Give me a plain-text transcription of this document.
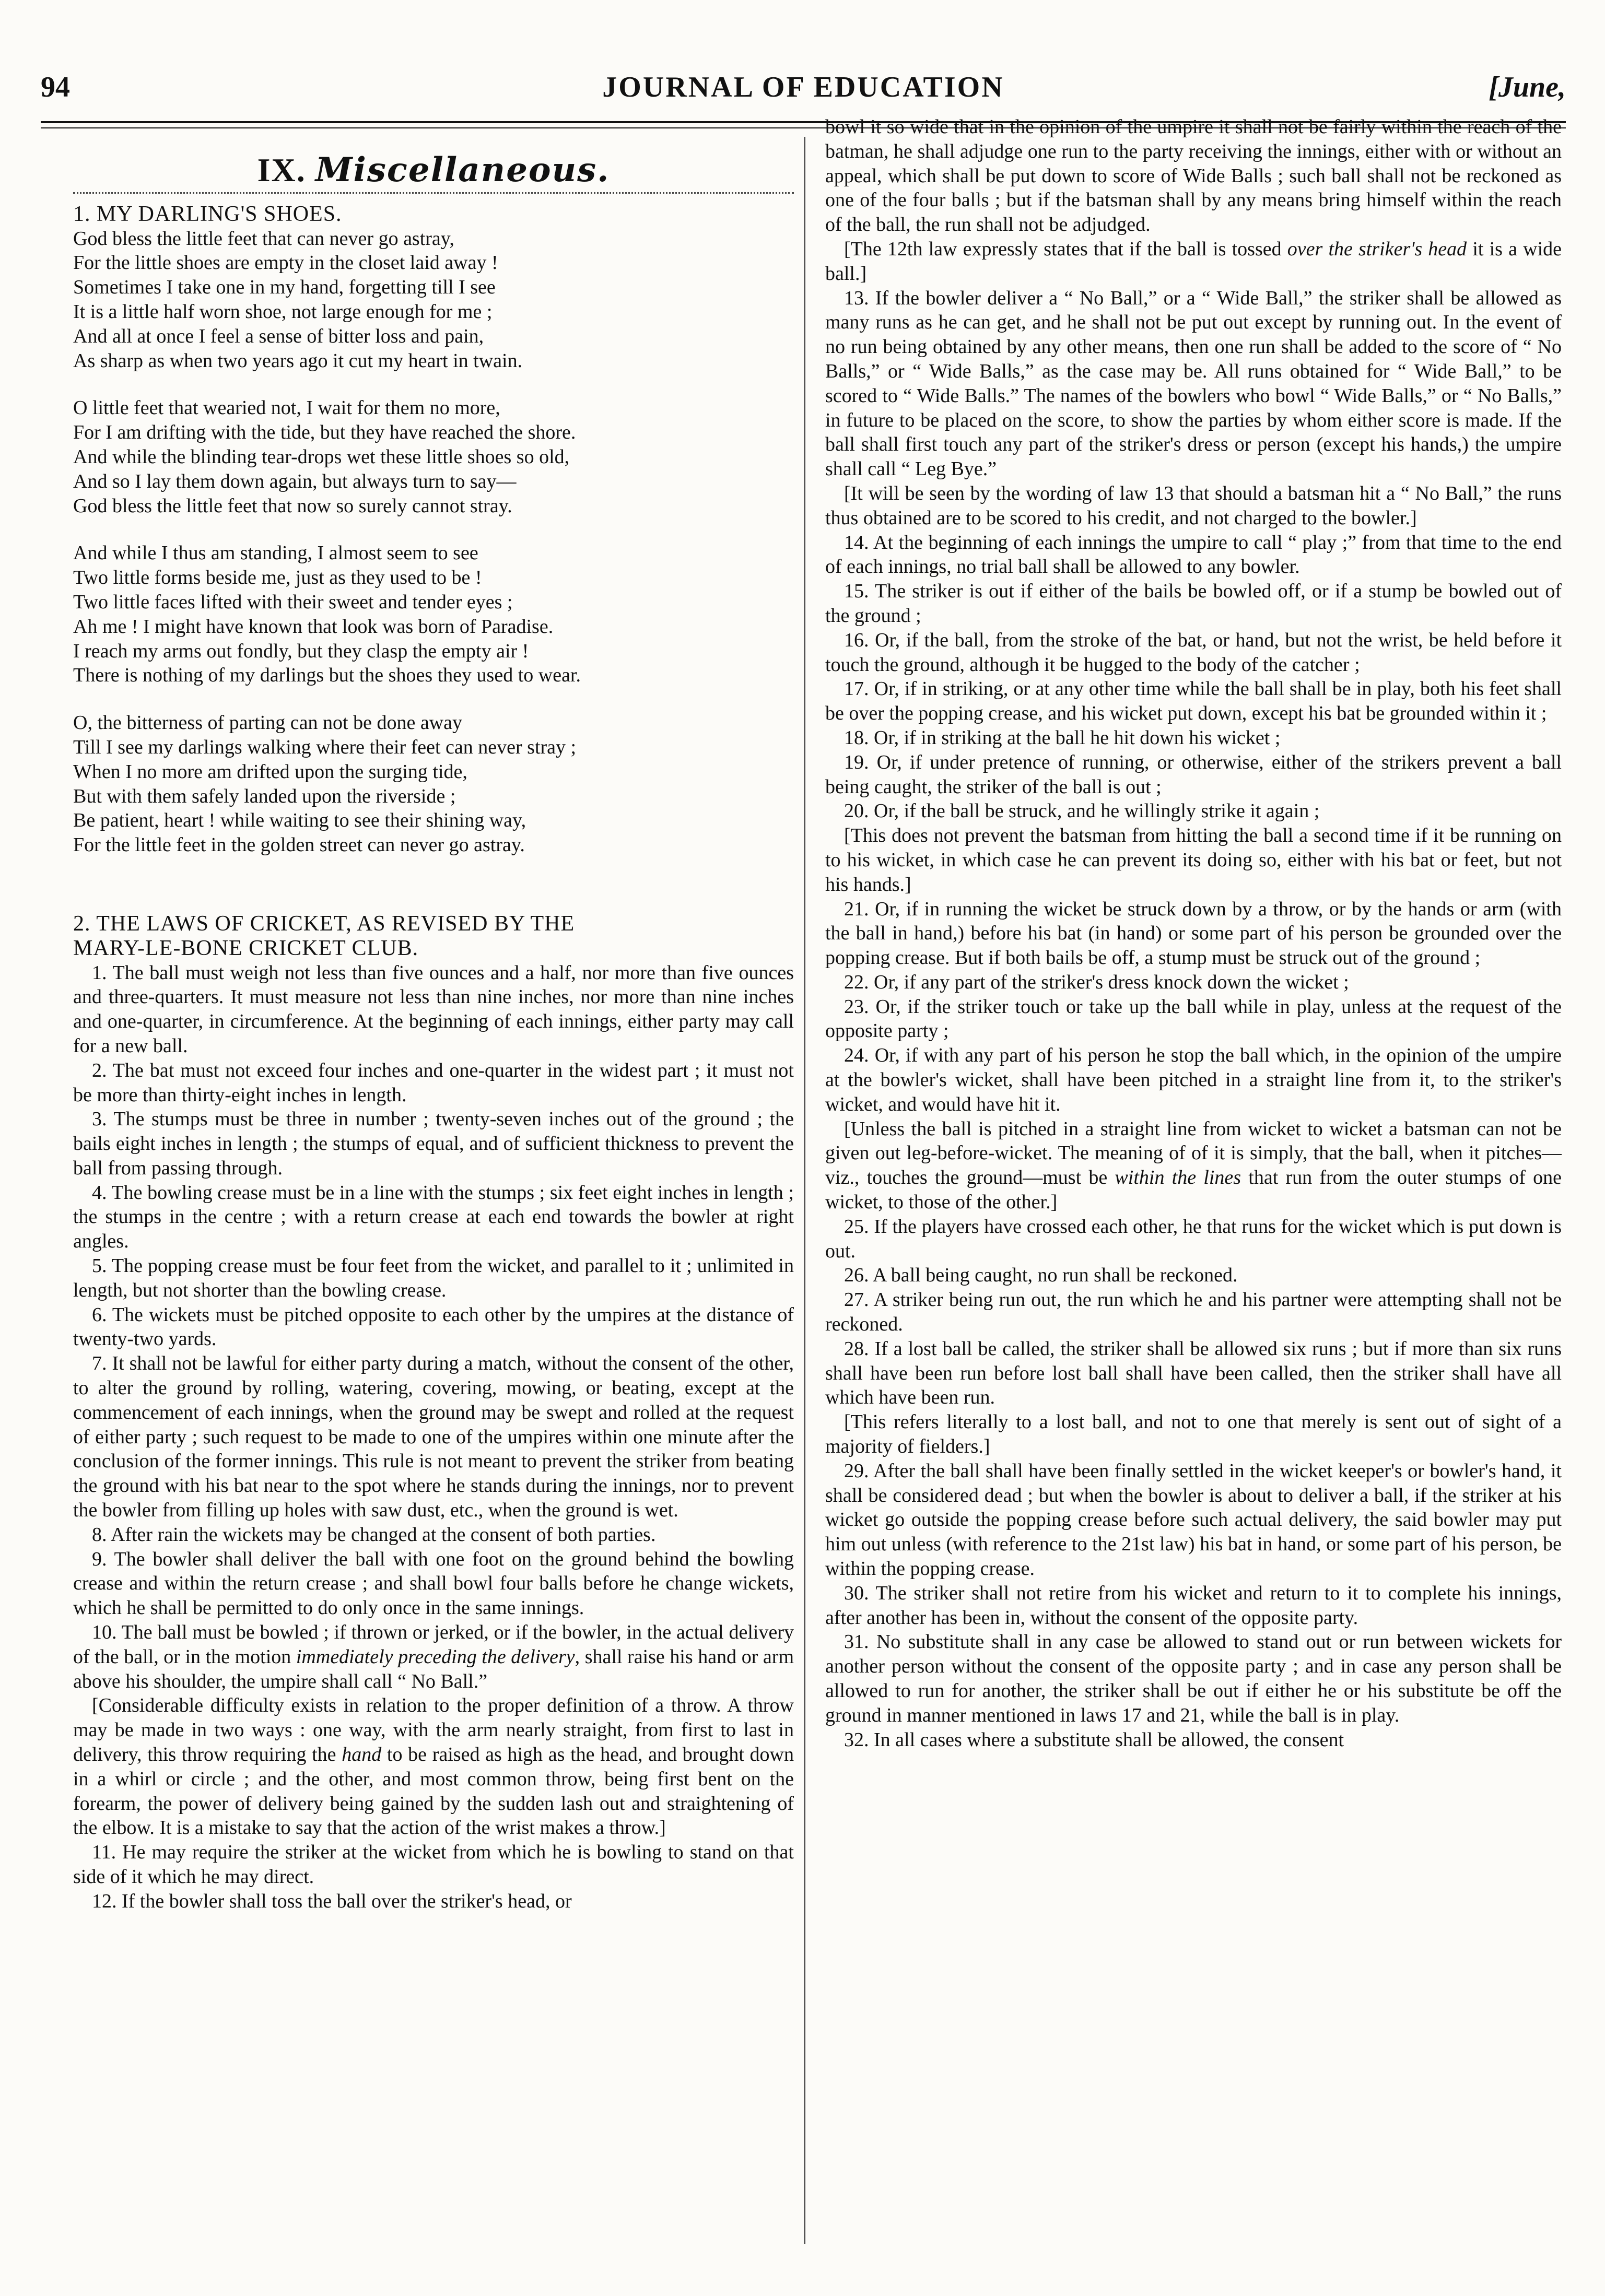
94	JOURNAL OF EDUCATION	[June,
IX. Miscellaneous.

1. MY DARLING'S SHOES.

God bless the little feet that can never go astray,
For the little shoes are empty in the closet laid away !
Sometimes I take one in my hand, forgetting till I see
It is a little half worn shoe, not large enough for me ;
And all at once I feel a sense of bitter loss and pain,
As sharp as when two years ago it cut my heart in twain.
O little feet that wearied not, I wait for them no more,
For I am drifting with the tide, but they have reached the shore.
And while the blinding tear-drops wet these little shoes so old,
And so I lay them down again, but always turn to say—
God bless the little feet that now so surely cannot stray.
And while I thus am standing, I almost seem to see
Two little forms beside me, just as they used to be !
Two little faces lifted with their sweet and tender eyes ;
Ah me ! I might have known that look was born of Paradise.
I reach my arms out fondly, but they clasp the empty air !
There is nothing of my darlings but the shoes they used to wear.
O, the bitterness of parting can not be done away
Till I see my darlings walking where their feet can never stray ;
When I no more am drifted upon the surging tide,
But with them safely landed upon the riverside ;
Be patient, heart ! while waiting to see their shining way,
For the little feet in the golden street can never go astray.

2. THE LAWS OF CRICKET, AS REVISED BY THE

MARY-LE-BONE CRICKET CLUB.

1. The ball must weigh not less than five ounces and a half, nor more than five ounces and three-quarters. It must measure not less than nine inches, nor more than nine inches and one-quarter, in circumference. At the beginning of each innings, either party may call for a new ball.

2. The bat must not exceed four inches and one-quarter in the widest part ; it must not be more than thirty-eight inches in length.

3. The stumps must be three in number ; twenty-seven inches out of the ground ; the bails eight inches in length ; the stumps of equal, and of sufficient thickness to prevent the ball from passing through.

4. The bowling crease must be in a line with the stumps ; six feet eight inches in length ; the stumps in the centre ; with a return crease at each end towards the bowler at right angles.

5. The popping crease must be four feet from the wicket, and parallel to it ; unlimited in length, but not shorter than the bowling crease.

6. The wickets must be pitched opposite to each other by the umpires at the distance of twenty-two yards.

7. It shall not be lawful for either party during a match, without the consent of the other, to alter the ground by rolling, watering, covering, mowing, or beating, except at the commencement of each innings, when the ground may be swept and rolled at the request of either party ; such request to be made to one of the umpires within one minute after the conclusion of the former innings. This rule is not meant to prevent the striker from beating the ground with his bat near to the spot where he stands during the innings, nor to prevent the bowler from filling up holes with saw dust, etc., when the ground is wet.

8. After rain the wickets may be changed at the consent of both parties.

9. The bowler shall deliver the ball with one foot on the ground behind the bowling crease and within the return crease ; and shall bowl four balls before he change wickets, which he shall be permitted to do only once in the same innings.

10. The ball must be bowled ; if thrown or jerked, or if the bowler, in the actual delivery of the ball, or in the motion immediately preceding the delivery, shall raise his hand or arm above his shoulder, the umpire shall call “ No Ball.”

[Considerable difficulty exists in relation to the proper definition of a throw. A throw may be made in two ways : one way, with the arm nearly straight, from first to last in delivery, this throw requiring the hand to be raised as high as the head, and brought down in a whirl or circle ; and the other, and most common throw, being first bent on the forearm, the power of delivery being gained by the sudden lash out and straightening of the elbow. It is a mistake to say that the action of the wrist makes a throw.]

11. He may require the striker at the wicket from which he is bowling to stand on that side of it which he may direct.

12. If the bowler shall toss the ball over the striker's head, or

bowl it so wide that in the opinion of the umpire it shall not be fairly within the reach of the batman, he shall adjudge one run to the party receiving the innings, either with or without an appeal, which shall be put down to score of Wide Balls ; such ball shall not be reckoned as one of the four balls ; but if the batsman shall by any means bring himself within the reach of the ball, the run shall not be adjudged.

[The 12th law expressly states that if the ball is tossed over the striker's head it is a wide ball.]

13. If the bowler deliver a “ No Ball,” or a “ Wide Ball,” the striker shall be allowed as many runs as he can get, and he shall not be put out except by running out. In the event of no run being obtained by any other means, then one run shall be added to the score of “ No Balls,” or “ Wide Balls,” as the case may be. All runs obtained for “ Wide Ball,” to be scored to “ Wide Balls.” The names of the bowlers who bowl “ Wide Balls,” or “ No Balls,” in future to be placed on the score, to show the parties by whom either score is made. If the ball shall first touch any part of the striker's dress or person (except his hands,) the umpire shall call “ Leg Bye.”

[It will be seen by the wording of law 13 that should a batsman hit a “ No Ball,” the runs thus obtained are to be scored to his credit, and not charged to the bowler.]

14. At the beginning of each innings the umpire to call “ play ;” from that time to the end of each innings, no trial ball shall be allowed to any bowler.

15. The striker is out if either of the bails be bowled off, or if a stump be bowled out of the ground ;

16. Or, if the ball, from the stroke of the bat, or hand, but not the wrist, be held before it touch the ground, although it be hugged to the body of the catcher ;

17. Or, if in striking, or at any other time while the ball shall be in play, both his feet shall be over the popping crease, and his wicket put down, except his bat be grounded within it ;

18. Or, if in striking at the ball he hit down his wicket ;

19. Or, if under pretence of running, or otherwise, either of the strikers prevent a ball being caught, the striker of the ball is out ;

20. Or, if the ball be struck, and he willingly strike it again ;

[This does not prevent the batsman from hitting the ball a second time if it be running on to his wicket, in which case he can prevent its doing so, either with his bat or feet, but not his hands.]

21. Or, if in running the wicket be struck down by a throw, or by the hands or arm (with the ball in hand,) before his bat (in hand) or some part of his person be grounded over the popping crease. But if both bails be off, a stump must be struck out of the ground ;

22. Or, if any part of the striker's dress knock down the wicket ;

23. Or, if the striker touch or take up the ball while in play, unless at the request of the opposite party ;

24. Or, if with any part of his person he stop the ball which, in the opinion of the umpire at the bowler's wicket, shall have been pitched in a straight line from it, to the striker's wicket, and would have hit it.

[Unless the ball is pitched in a straight line from wicket to wicket a batsman can not be given out leg-before-wicket. The meaning of of it is simply, that the ball, when it pitches—viz., touches the ground—must be within the lines that run from the outer stumps of one wicket, to those of the other.]

25. If the players have crossed each other, he that runs for the wicket which is put down is out.

26. A ball being caught, no run shall be reckoned.

27. A striker being run out, the run which he and his partner were attempting shall not be reckoned.

28. If a lost ball be called, the striker shall be allowed six runs ; but if more than six runs shall have been run before lost ball shall have been called, then the striker shall have all which have been run.

[This refers literally to a lost ball, and not to one that merely is sent out of sight of a majority of fielders.]

29. After the ball shall have been finally settled in the wicket keeper's or bowler's hand, it shall be considered dead ; but when the bowler is about to deliver a ball, if the striker at his wicket go outside the popping crease before such actual delivery, the said bowler may put him out unless (with reference to the 21st law) his bat in hand, or some part of his person, be within the popping crease.

30. The striker shall not retire from his wicket and return to it to complete his innings, after another has been in, without the consent of the opposite party.

31. No substitute shall in any case be allowed to stand out or run between wickets for another person without the consent of the opposite party ; and in case any person shall be allowed to run for another, the striker shall be out if either he or his substitute be off the ground in manner mentioned in laws 17 and 21, while the ball is in play.

32. In all cases where a substitute shall be allowed, the consent
